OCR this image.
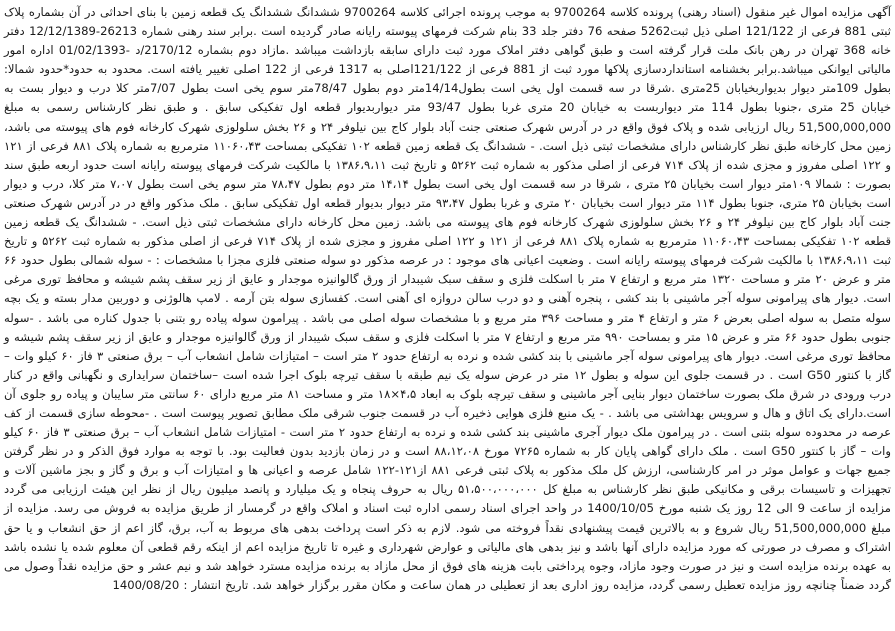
آگهی مزایده اموال غیر منقول (اسناد رهنی) پرونده کلاسه 9700264 به موجب پرونده اجرائی کلاسه 9700264 ششدانگ ششدانگ یک قطعه زمین با بنای احداثی در آن بشماره پلاک ثبتی 881 فرعی از 121/122 اصلی ذیل ثبت5262 صفحه 76 دفتر جلد 33 بنام شرکت فرمهای پیوسته رایانه صادر گردیده است .برابر سند رهنی شماره 26213-12/12/1389 دفتر خانه 368 تهران در رهن بانک ملت قرار گرفته است و طبق گواهی دفتر املاک مورد ثبت دارای سابقه بازداشت میباشد .مازاد دوم بشماره 2170/12/د -01/02/1393 اداره امور مالیاتی ایوانکی میباشد.برابر بخشنامه استانداردسازی پلاکها مورد ثبت از 881 فرعی از 121/122اصلی به 1317 فرعی از 122 اصلی تغییر یافته است. محدود به حدود*حدود شمالا: بطول 109متر دیوار بدیواربخیابان 25متری .شرقا در سه قسمت اول یخی است بطول14/14متر دوم بطول 78/47متر سوم یخی است بطول 7/07متر کلا درب و دیوار بست به خیابان 25 متری ،جنوبا بطول 114 متر دیواربست به خیابان 20 متری غربا بطول 93/47 متر دیواربدیوار قطعه اول تفکیکی سابق . و طبق نظر کارشناس رسمی به مبلغ 51,500,000,000 ریال ارزیابی شده و پلاک فوق واقع در در آدرس شهرک صنعتی جنت آباد بلوار کاج بین نیلوفر ۲۴ و ۲۶ بخش سلولوزی شهرک کارخانه فوم های پیوسته می باشد، زمین محل کارخانه طبق نظر کارشناس دارای مشخصات ثبتی ذیل است. - ششدانگ یک قطعه زمین قطعه ۱۰۲ تفکیکی بمساحت ۱۱۰۶۰،۴۳ مترمربع به شماره پلاک ۸۸۱ فرعی از ۱۲۱ و ۱۲۲ اصلی مفروز و مجزی شده از پلاک ۷۱۴ فرعی از اصلی مذکور به شماره ثبت ۵۲۶۲ و تاریخ ثبت ۱۳۸۶،۹،۱۱ با مالکیت شرکت فرمهای پیوسته رایانه است حدود اربعه طبق سند بصورت : شمالا ۱۰۹متر دیوار است بخیابان ۲۵ متری ، شرقا در سه قسمت اول یخی است بطول ۱۴،۱۴ متر دوم بطول ۷۸،۴۷ متر سوم یخی است بطول ۷،۰۷ متر کلا، درب و دیوار است بخیابان ۲۵ متری، جنوبا بطول ۱۱۴ متر دیوار است بخیابان ۲۰ متری و غربا بطول ۹۳،۴۷ متر دیوار بدیوار قطعه اول تفکیکی سابق . ملک مذکور واقع در در آدرس شهرک صنعتی جنت آباد بلوار کاج بین نیلوفر ۲۴ و ۲۶ بخش سلولوزی شهرک کارخانه فوم های پیوسته می باشد. زمین محل کارخانه دارای مشخصات ثبتی ذیل است. - ششدانگ یک قطعه زمین قطعه ۱۰۲ تفکیکی بمساحت ۱۱۰۶۰،۴۳ مترمربع به شماره پلاک ۸۸۱ فرعی از ۱۲۱ و ۱۲۲ اصلی مفروز و مجزی شده از پلاک ۷۱۴ فرعی از اصلی مذکور به شماره ثبت ۵۲۶۲ و تاریخ ثبت ۱۳۸۶،۹،۱۱ با مالکیت شرکت فرمهای پیوسته رایانه است . وضعیت اعیانی های موجود : در عرصه مذکور دو سوله صنعتی فلزی مجزا با مشخصات : - سوله شمالی بطول حدود ۶۶ متر و عرض ۲۰ متر و مساحت ۱۳۲۰ متر مربع و ارتفاع ۷ متر با اسکلت فلزی و سقف سبک شیبدار از ورق گالوانیزه موجدار و عایق از زیر سقف پشم شیشه و محافظ توری مرغی است. دیوار های پیرامونی سوله آجر ماشینی با بند کشی ، پنجره آهنی و دو درب سالن دروازه ای آهنی است. کفسازی سوله بتن آرمه . لامپ هالوژنی و دوربین مدار بسته و یک بچه سوله متصل به سوله اصلی بعرض ۶ متر و ارتفاع ۴ متر و مساحت ۳۹۶ متر مربع و با مشخصات سوله اصلی می باشد . پیرامون سوله پیاده رو بتنی با جدول کناره می باشد . -سوله جنوبی بطول حدود ۶۶ متر و عرض ۱۵ متر و بمساحت ۹۹۰ متر مربع و ارتفاع ۷ متر با اسکلت فلزی و سقف سبک شیبدار از ورق گالوانیزه موجدار و عایق از زیر سقف پشم شیشه و محافظ توری مرغی است. دیوار های پیرامونی سوله آجر ماشینی با بند کشی شده و نرده به ارتفاع حدود ۲ متر است – امتیازات شامل انشعاب آب – برق صنعتی ۳ فاز ۶۰ کیلو وات – گاز با کنتور G50 است . در قسمت جلوی این سوله و بطول ۱۲ متر در عرض سوله یک نیم طبقه با سقف تیرچه بلوک اجرا شده است –ساختمان سرایداری و نگهبانی واقع در کنار درب ورودی در شرق ملک بصورت ساختمان دیوار بنایی آجر ماشینی و سقف تیرچه بلوک به ابعاد ۴،۵×۱۸ متر و مساحت ۸۱ متر مربع دارای ۶۰ سانتی متر سایبان و پیاده رو جلوی آن است.دارای یک اتاق و هال و سرویس بهداشتی می باشد . - یک منبع فلزی هوایی ذخیره آب در قسمت جنوب شرقی ملک مطابق تصویر پیوست است . -محوطه سازی قسمت از کف عرصه در محدوده سوله بتنی است . در پیرامون ملک دیوار آجری ماشینی بند کشی شده و نرده به ارتفاع حدود ۲ متر است - امتیازات شامل انشعاب آب – برق صنعتی ۳ فاز ۶۰ کیلو وات – گاز با کنتور G50 است . ملک دارای گواهی پایان کار به شماره ۷۲۶۵ مورخ ۸۸،۱۲،۰۸ است و در زمان بازدید بدون فعالیت بود. با توجه به موارد فوق الذکر و در نظر گرفتن جمیع جهات و عوامل موثر در امر کارشناسی، ارزش کل ملک مذکور به پلاک ثبتی فرعی ۸۸۱ از۱۲۱-۱۲۲ شامل عرصه و اعیانی ها و امتیازات آب و برق و گاز و بجز ماشین آلات و تجهیزات و تاسیسات برقی و مکانیکی طبق نظر کارشناس به مبلغ کل ۵۱،۵۰۰،۰۰۰،۰۰۰ ریال به حروف پنجاه و یک میلیارد و پانصد میلیون ریال از نظر این هیئت ارزیابی می گردد مزایده از ساعت 9 الی 12 روز یک شنبه مورخ 1400/10/05 در واحد اجرای اسناد رسمی اداره ثبت اسناد و املاک واقع در گرمسار از طریق مزایده به فروش می رسد. مزایده از مبلغ 51,500,000,000 ریال شروع و به بالاترین قیمت پیشنهادی نقداً فروخته می شود. لازم به ذکر است پرداخت بدهی های مربوط به آب، برق، گاز اعم از حق انشعاب و یا حق اشتراک و مصرف در صورتی که مورد مزایده دارای آنها باشد و نیز بدهی های مالیاتی و عوارض شهرداری و غیره تا تاریخ مزایده اعم از اینکه رقم قطعی آن معلوم شده یا نشده باشد به عهده برنده مزایده است و نیز در صورت وجود مازاد، وجوه پرداختی بابت هزینه های فوق از محل مازاد به برنده مزایده مسترد خواهد شد و نیم عشر و حق مزایده نقداً وصول می گردد ضمناً چنانچه روز مزایده تعطیل رسمی گردد، مزایده روز اداری بعد از تعطیلی در همان ساعت و مکان مقرر برگزار خواهد شد. تاریخ انتشار : 1400/08/20
